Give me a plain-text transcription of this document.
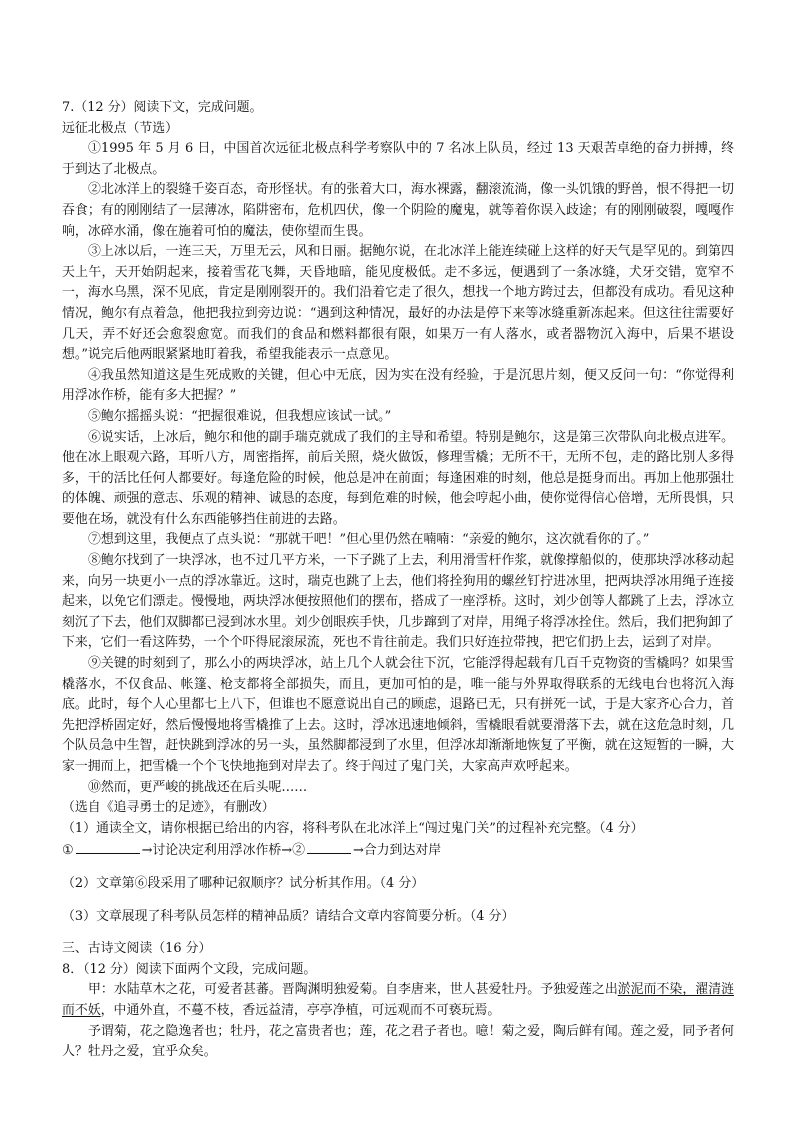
7.（12 分）阅读下文，完成问题。
远征北极点（节选）
①1995 年 5 月 6 日，中国首次远征北极点科学考察队中的 7 名冰上队员，经过 13 天艰苦卓绝的奋力拼搏，终于到达了北极点。
②北冰洋上的裂缝千姿百态，奇形怪状。有的张着大口，海水裸露，翻滚流淌，像一头饥饿的野兽，恨不得把一切吞食；有的刚刚结了一层薄冰，陷阱密布，危机四伏，像一个阴险的魔鬼，就等着你误入歧途；有的刚刚破裂，嘎嘎作响，冰碎水涌，像在施着可怕的魔法，使你望而生畏。
③上冰以后，一连三天，万里无云，风和日丽。据鲍尔说，在北冰洋上能连续碰上这样的好天气是罕见的。到第四天上午，天开始阴起来，接着雪花飞舞，天昏地暗，能见度极低。走不多远，便遇到了一条冰缝，犬牙交错，宽窄不一，海水乌黑，深不见底，肯定是刚刚裂开的。我们沿着它走了很久，想找一个地方跨过去，但都没有成功。看见这种情况，鲍尔有点着急，他把我拉到旁边说：“遇到这种情况，最好的办法是停下来等冰缝重新冻起来。但这往往需要好几天，弄不好还会愈裂愈宽。而我们的食品和燃料都很有限，如果万一有人落水，或者器物沉入海中，后果不堪设想。”说完后他两眼紧紧地盯着我，希望我能表示一点意见。
④我虽然知道这是生死成败的关键，但心中无底，因为实在没有经验，于是沉思片刻，便又反问一句：“你觉得利用浮冰作桥，能有多大把握？”
⑤鲍尔摇摇头说：“把握很难说，但我想应该试一试。”
⑥说实话，上冰后，鲍尔和他的副手瑞克就成了我们的主导和希望。特别是鲍尔，这是第三次带队向北极点进军。他在冰上眼观六路，耳听八方，周密指挥，前后关照，烧火做饭，修理雪橇；无所不干，无所不包，走的路比别人多得多，干的活比任何人都要好。每逢危险的时候，他总是冲在前面；每逢困难的时刻，他总是挺身而出。再加上他那强壮的体魄、顽强的意志、乐观的精神、诚恳的态度，每到危难的时候，他会哼起小曲，使你觉得信心倍增，无所畏惧，只要他在场，就没有什么东西能够挡住前进的去路。
⑦想到这里，我便点了点头说：“那就干吧！”但心里仍然在喃喃：“亲爱的鲍尔，这次就看你的了。”
⑧鲍尔找到了一块浮冰，也不过几平方米，一下子跳了上去，利用滑雪杆作浆，就像撑船似的，使那块浮冰移动起来，向另一块更小一点的浮冰靠近。这时，瑞克也跳了上去，他们将拴狗用的螺丝钉拧进冰里，把两块浮冰用绳子连接起来，以免它们漂走。慢慢地，两块浮冰便按照他们的摆布，搭成了一座浮桥。这时，刘少创等人都跳了上去，浮冰立刻沉了下去，他们双脚都已浸到冰水里。刘少创眼疾手快，几步蹿到了对岸，用绳子将浮冰拴住。然后，我们把狗卸了下来，它们一看这阵势，一个个吓得屁滚尿流，死也不肯往前走。我们只好连拉带拽，把它们扔上去，运到了对岸。
⑨关键的时刻到了，那么小的两块浮冰，站上几个人就会往下沉，它能浮得起载有几百千克物资的雪橇吗？如果雪橇落水，不仅食品、帐篷、枪支都将全部损失，而且，更加可怕的是，唯一能与外界取得联系的无线电台也将沉入海底。此时，每个人心里都七上八下，但谁也不愿意说出自己的顾虑，退路已无，只有拼死一试，于是大家齐心合力，首先把浮桥固定好，然后慢慢地将雪橇推了上去。这时，浮冰迅速地倾斜，雪橇眼看就要滑落下去，就在这危急时刻，几个队员急中生智，赶快跳到浮冰的另一头，虽然脚都浸到了水里，但浮冰却渐渐地恢复了平衡，就在这短暂的一瞬，大家一拥而上，把雪橇一个个飞快地拖到对岸去了。终于闯过了鬼门关，大家高声欢呼起来。
⑩然而，更严峻的挑战还在后头呢……
（选自《追寻勇士的足迹》，有删改）
（1）通读全文，请你根据已给出的内容，将科考队在北冰洋上“闯过鬼门关”的过程补充完整。（4 分）
①	→讨论决定利用浮冰作桥→②	→合力到达对岸
（2）文章第⑥段采用了哪种记叙顺序？试分析其作用。（4 分）
（3）文章展现了科考队员怎样的精神品质？请结合文章内容简要分析。（4 分）
三、古诗文阅读（16 分）
8．（12 分）阅读下面两个文段，完成问题。
甲：水陆草木之花，可爱者甚蕃。晋陶渊明独爱菊。自李唐来，世人甚爱牡丹。予独爱莲之出淤泥而不染，濯清涟而不妖，中通外直，不蔓不枝，香远益清，亭亭净植，可远观而不可亵玩焉。
予谓菊，花之隐逸者也；牡丹，花之富贵者也；莲，花之君子者也。噫！菊之爱，陶后鲜有闻。莲之爱，同予者何人？牡丹之爱，宜乎众矣。
